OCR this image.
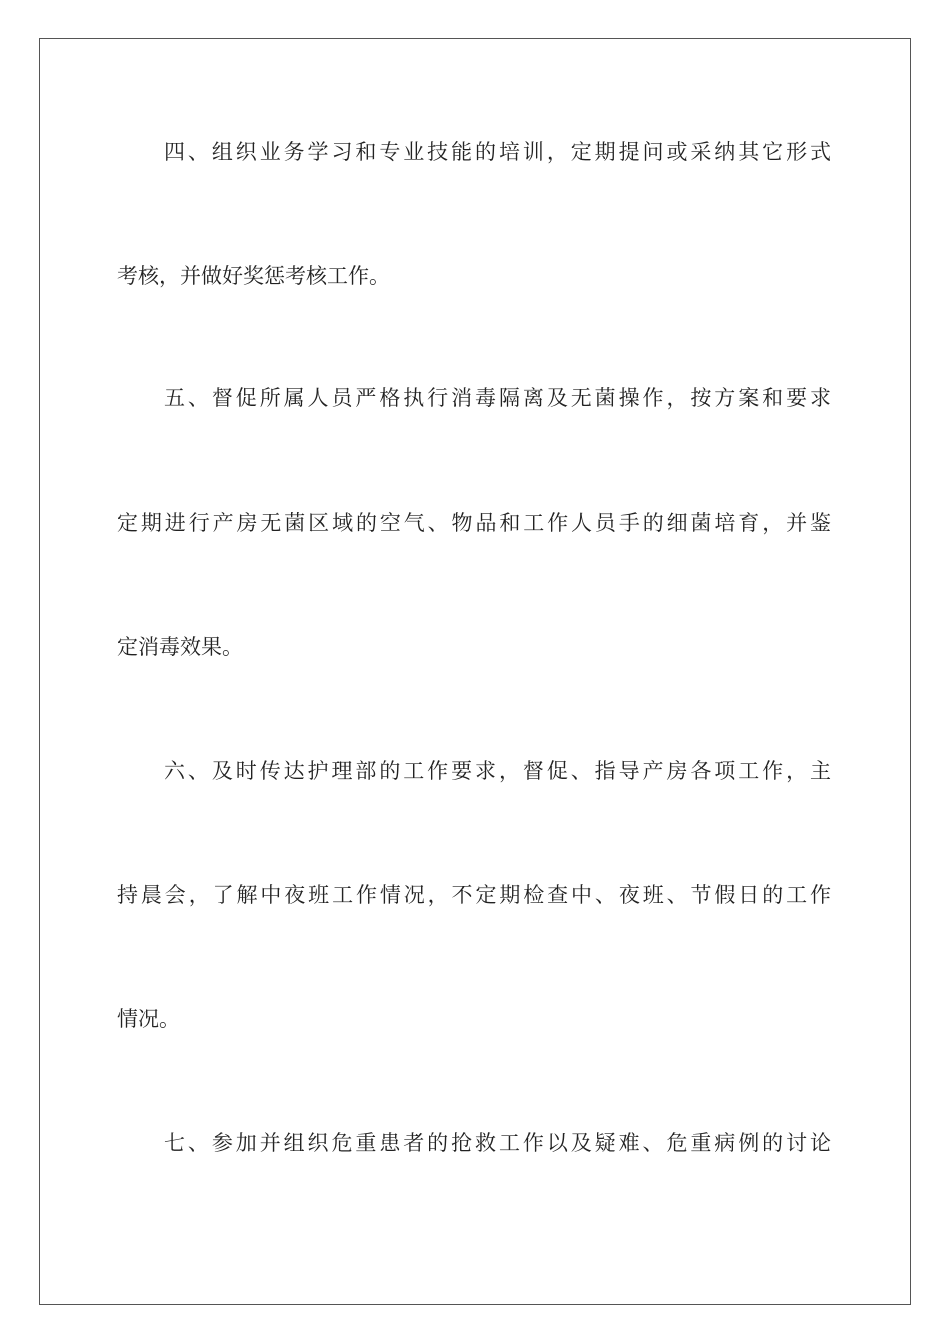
四、组织业务学习和专业技能的培训，定期提问或采纳其它形式
考核，并做好奖惩考核工作。
五、督促所属人员严格执行消毒隔离及无菌操作，按方案和要求
定期进行产房无菌区域的空气、物品和工作人员手的细菌培育，并鉴
定消毒效果。
六、及时传达护理部的工作要求，督促、指导产房各项工作，主
持晨会，了解中夜班工作情况，不定期检查中、夜班、节假日的工作
情况。
七、参加并组织危重患者的抢救工作以及疑难、危重病例的讨论
